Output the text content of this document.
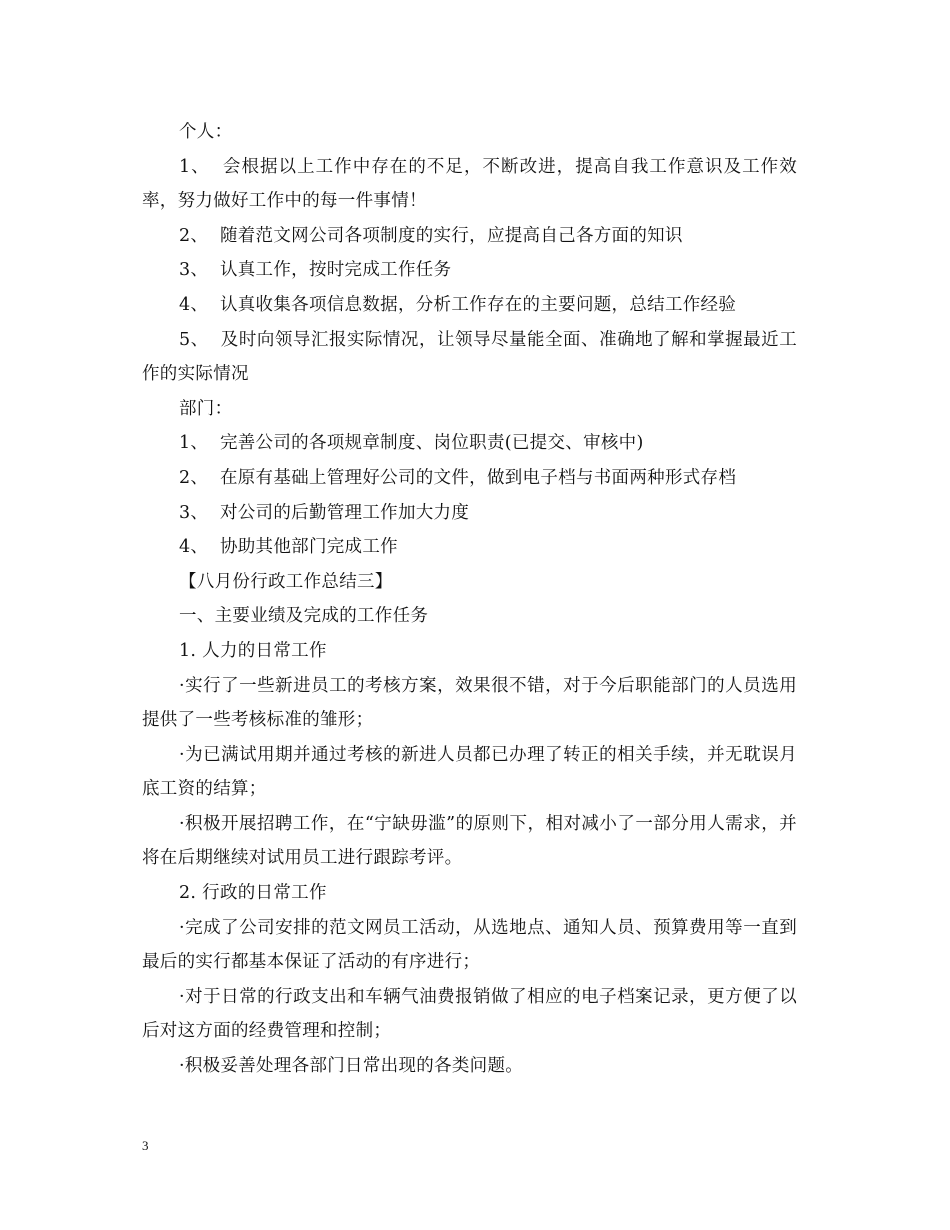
个人：

1、  会根据以上工作中存在的不足，不断改进，提高自我工作意识及工作效率，努力做好工作中的每一件事情！

2、  随着范文网公司各项制度的实行，应提高自己各方面的知识

3、  认真工作，按时完成工作任务

4、  认真收集各项信息数据，分析工作存在的主要问题，总结工作经验

5、  及时向领导汇报实际情况，让领导尽量能全面、准确地了解和掌握最近工作的实际情况

部门：

1、  完善公司的各项规章制度、岗位职责(已提交、审核中)

2、  在原有基础上管理好公司的文件，做到电子档与书面两种形式存档

3、  对公司的后勤管理工作加大力度

4、  协助其他部门完成工作

【八月份行政工作总结三】

一、主要业绩及完成的工作任务

1. 人力的日常工作

·实行了一些新进员工的考核方案，效果很不错，对于今后职能部门的人员选用提供了一些考核标准的雏形；

·为已满试用期并通过考核的新进人员都已办理了转正的相关手续，并无耽误月底工资的结算；

·积极开展招聘工作，在“宁缺毋滥”的原则下，相对减小了一部分用人需求，并将在后期继续对试用员工进行跟踪考评。

2. 行政的日常工作

·完成了公司安排的范文网员工活动，从选地点、通知人员、预算费用等一直到最后的实行都基本保证了活动的有序进行；

·对于日常的行政支出和车辆气油费报销做了相应的电子档案记录，更方便了以后对这方面的经费管理和控制；

·积极妥善处理各部门日常出现的各类问题。

3
